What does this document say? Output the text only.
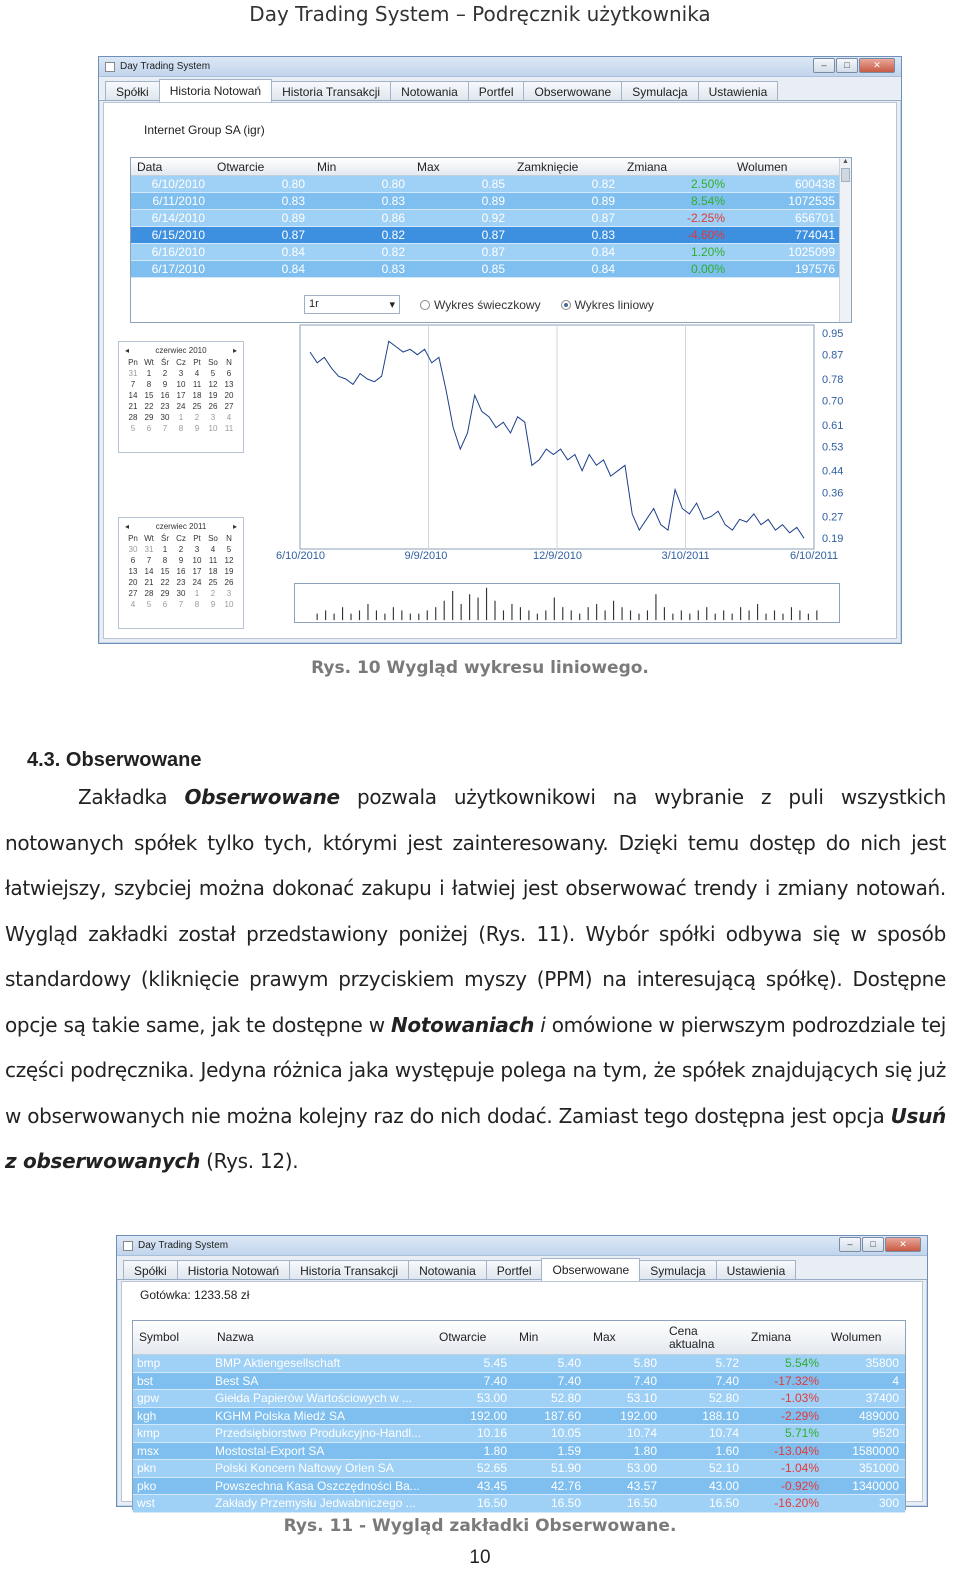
Day Trading System – Podręcznik użytkownika
Day Trading System	–	□	✕
Spółki	Historia Notowań	Historia Transakcji	Notowania	Portfel	Obserwowane	Symulacja	Ustawienia
Internet Group SA (igr)
Data	Otwarcie	Min	Max	Zamknięcie	Zmiana	Wolumen
6/10/2010	0.80	0.80	0.85	0.82	2.50%	600438
6/11/2010	0.83	0.83	0.89	0.89	8.54%	1072535
6/14/2010	0.89	0.86	0.92	0.87	-2.25%	656701
6/15/2010	0.87	0.82	0.87	0.83	-4.60%	774041
6/16/2010	0.84	0.82	0.87	0.84	1.20%	1025099
6/17/2010	0.84	0.83	0.85	0.84	0.00%	197576
▲
◂	czerwiec 2010	▸
Pn Wt Śr Cz Pt So	N
31	1	2	3	4	5	6
7	8	9	10 11 12 13
14 15 16 17 18 19 20
21 22 23 24 25 26 27
28 29 30	1	2	3	4
5	6	7	8	9	10 11
◂	czerwiec 2011	▸
Pn Wt Śr Cz Pt So	N
30 31	1	2	3	4	5
6	7	8	9	10 11 12
13 14 15 16 17 18 19
20 21 22 23 24 25 26
27 28 29 30	1	2	3
4	5	6	7	8	9	10
1r	▾	Wykres świeczkowy	Wykres liniowy
0.95
0.87
0.78
0.70
0.61
0.53
0.44
0.36
0.27
0.19
6/10/2010	9/9/2010	12/9/2010	3/10/2011	6/10/2011
Rys. 10 Wygląd wykresu liniowego.
4.3. Obserwowane

Zakładka Obserwowane pozwala użytkownikowi na wybranie z puli wszystkich notowanych spółek tylko tych, którymi jest zainteresowany. Dzięki temu dostęp do nich jest łatwiejszy, szybciej można dokonać zakupu i łatwiej jest obserwować trendy i zmiany notowań. Wygląd zakładki został przedstawiony poniżej (Rys. 11). Wybór spółki odbywa się w sposób standardowy (kliknięcie prawym przyciskiem myszy (PPM) na interesującą spółkę). Dostępne opcje są takie same, jak te dostępne w Notowaniach i omówione w pierwszym podrozdziale tej części podręcznika. Jedyna różnica jaka występuje polega na tym, że spółek znajdujących się już w obserwowanych nie można kolejny raz do nich dodać. Zamiast tego dostępna jest opcja Usuń z obserwowanych (Rys. 12).

Day Trading System	–	□	✕
Spółki	Historia Notowań	Historia Transakcji	Notowania	Portfel	Obserwowane	Symulacja	Ustawienia
Gotówka: 1233.58 zł
Symbol	Nazwa	Otwarcie	Min	Max	Cena aktualna	Zmiana	Wolumen
bmp	BMP Aktiengesellschaft	5.45	5.40	5.80	5.72	5.54%	35800
bst	Best SA	7.40	7.40	7.40	7.40	-17.32%	4
gpw	Giełda Papierów Wartościowych w ...	53.00	52.80	53.10	52.80	-1.03%	37400
kgh	KGHM Polska Miedź SA	192.00	187.60	192.00	188.10	-2.29%	489000
kmp	Przedsiębiorstwo Produkcyjno-Handl...	10.16	10.05	10.74	10.74	5.71%	9520
msx	Mostostal-Export SA	1.80	1.59	1.80	1.60	-13.04%	1580000
pkn	Polski Koncern Naftowy Orlen SA	52.65	51.90	53.00	52.10	-1.04%	351000
pko	Powszechna Kasa Oszczędności Ba...	43.45	42.76	43.57	43.00	-0.92%	1340000
wst	Zakłady Przemysłu Jedwabniczego ...	16.50	16.50	16.50	16.50	-16.20%	300
Rys. 11 - Wygląd zakładki Obserwowane.
10
